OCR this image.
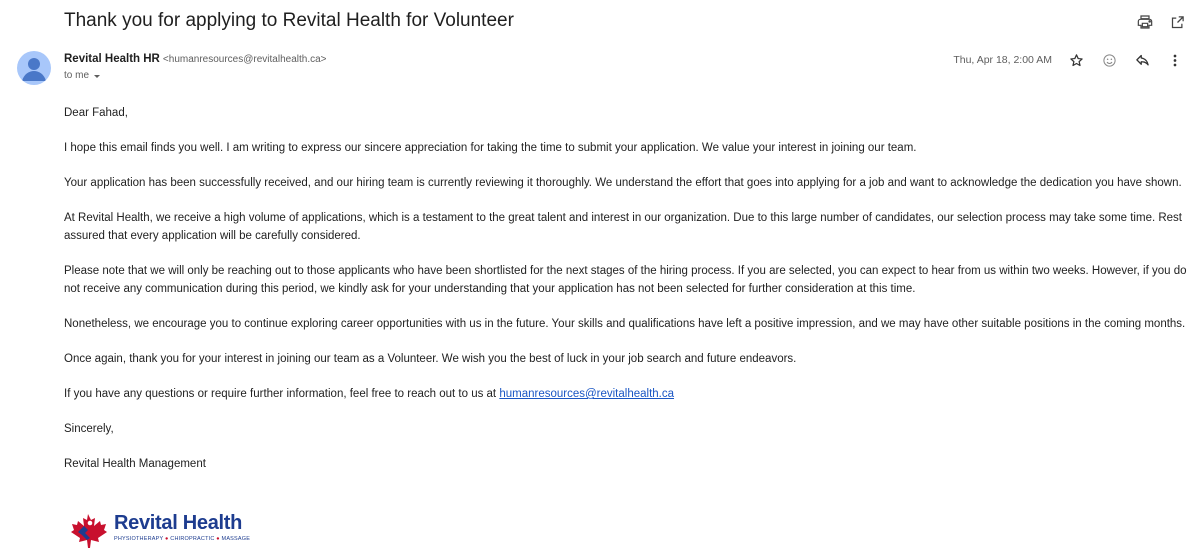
Thank you for applying to Revital Health for Volunteer
Revital Health HR <humanresources@revitalhealth.ca>
to me
Thu, Apr 18, 2:00 AM

Dear Fahad,

I hope this email finds you well. I am writing to express our sincere appreciation for taking the time to submit your application. We value your interest in joining our team.

Your application has been successfully received, and our hiring team is currently reviewing it thoroughly. We understand the effort that goes into applying for a job and want to acknowledge the dedication you have shown.

At Revital Health, we receive a high volume of applications, which is a testament to the great talent and interest in our organization. Due to this large number of candidates, our selection process may take some time. Rest assured that every application will be carefully considered.

Please note that we will only be reaching out to those applicants who have been shortlisted for the next stages of the hiring process. If you are selected, you can expect to hear from us within two weeks. However, if you do not receive any communication during this period, we kindly ask for your understanding that your application has not been selected for further consideration at this time.

Nonetheless, we encourage you to continue exploring career opportunities with us in the future. Your skills and qualifications have left a positive impression, and we may have other suitable positions in the coming months.

Once again, thank you for your interest in joining our team as a Volunteer. We wish you the best of luck in your job search and future endeavors.

If you have any questions or require further information, feel free to reach out to us at humanresources@revitalhealth.ca

Sincerely,

Revital Health Management

Revital Health
PHYSIOTHERAPY ● CHIROPRACTIC ● MASSAGE
